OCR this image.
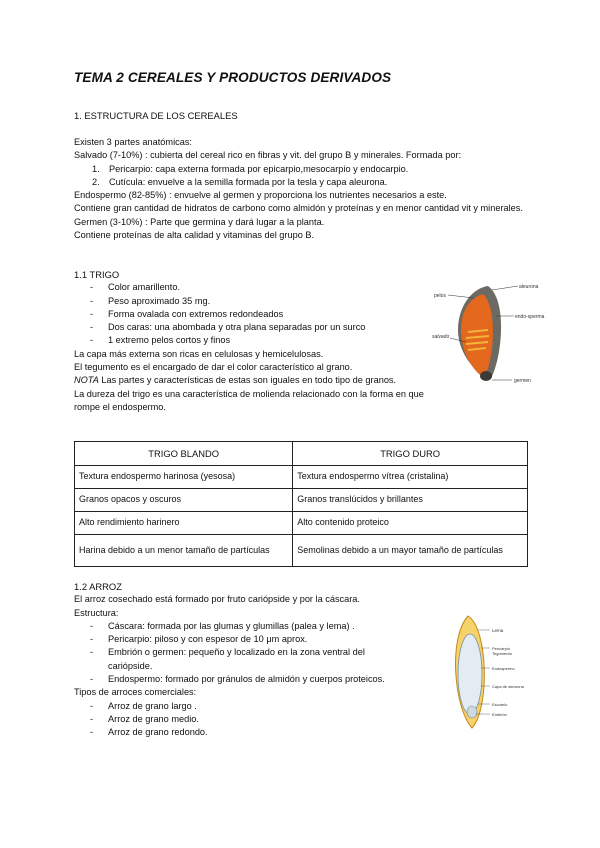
TEMA 2 CEREALES Y PRODUCTOS DERIVADOS
1. ESTRUCTURA DE LOS CEREALES

Existen 3 partes anatómicas:

Salvado (7-10%) : cubierta del cereal rico en fibras y vit. del grupo B y minerales. Formada por:

1. Pericarpio: capa externa formada por epicarpio,mesocarpio y endocarpio.

2. Cutícula: envuelve a la semilla formada por la tesla y capa aleurona.

Endospermo (82-85%) : envuelve al germen y proporciona los nutrientes necesarios a este.

Contiene gran cantidad de hidratos de carbono como almidón y proteínas y en menor cantidad vit y minerales.

Germen (3-10%) : Parte que germina y dará lugar a la planta.

Contiene proteínas de alta calidad y vitaminas del grupo B.

1.1 TRIGO

- Color amarillento.

- Peso aproximado 35 mg.

- Forma ovalada con extremos redondeados

- Dos caras: una abombada y otra plana separadas por un surco

- 1 extremo pelos cortos y finos

La capa más externa son ricas en celulosas y hemicelulosas.

El tegumento es el encargado de dar el color característico al grano.

NOTA Las partes y características de estas son iguales en todo tipo de granos.

La dureza del trigo es una característica de molienda relacionado con la forma en que rompe el endospermo.

TRIGO BLANDO	TRIGO DURO
Textura endospermo harinosa (yesosa)	Textura endospermo vítrea (cristalina)
Granos opacos y oscuros	Granos translúcidos y brillantes
Alto rendimiento harinero	Alto contenido proteico
Harina debido a un menor tamaño de partículas	Semolinas debido a un mayor tamaño de partículas

1.2 ARROZ

El arroz cosechado está formado por fruto cariópside y por la cáscara.

Estructura:

- Cáscara: formada por las glumas y glumillas (palea y lema) .

- Pericarpio: piloso y con espesor de 10 μm aprox.

- Embrión o germen: pequeño y localizado en la zona ventral del cariópside.

- Endospermo: formado por gránulos de almidón y cuerpos proteicos.

Tipos de arroces comerciales:

- Arroz de grano largo .

- Arroz de grano medio.

- Arroz de grano redondo.

pelos
aleurona
endo-sperma
salvado
germen
Lema
Pericarpio
Tegumento
Endospermo
Capa de aleurona
Escutelo
Embrión
